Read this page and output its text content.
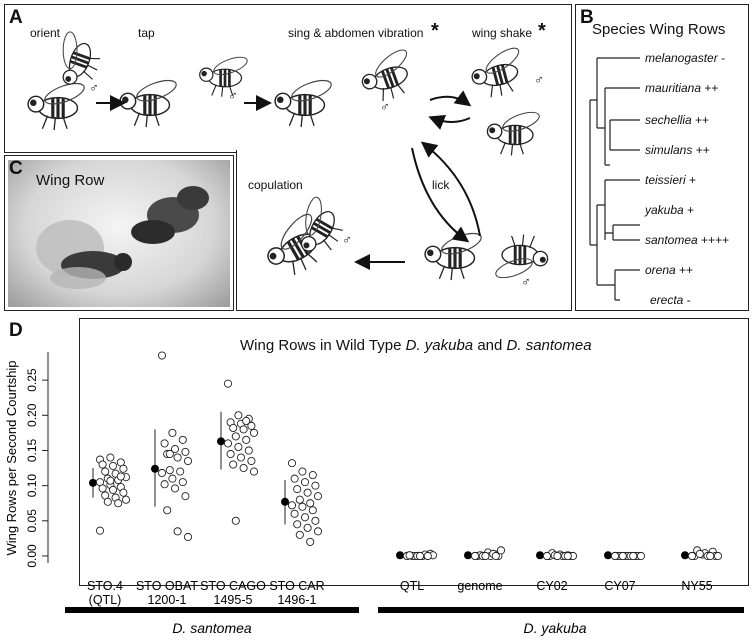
A
orient	tap	sing & abdomen vibration *	wing shake *
copulation	lick
♂
♂
♂
♂
♂
♂
B
Species Wing Rows
melanogaster -
mauritiana ++
sechellia ++
simulans ++
teissieri +
yakuba +
santomea ++++
orena ++
erecta -
C
Wing Row
D
Wing Rows in Wild Type D. yakuba and D. santomea
Wing Rows per Second Courtship
0.00
0.05
0.10
0.15
0.20
0.25
STO.4
(QTL)
STO OBAT
1200-1
STO CAGO
1495-5
STO CAR
1496-1
QTL	genome	CY02	CY07	NY55
D. santomea	D. yakuba
